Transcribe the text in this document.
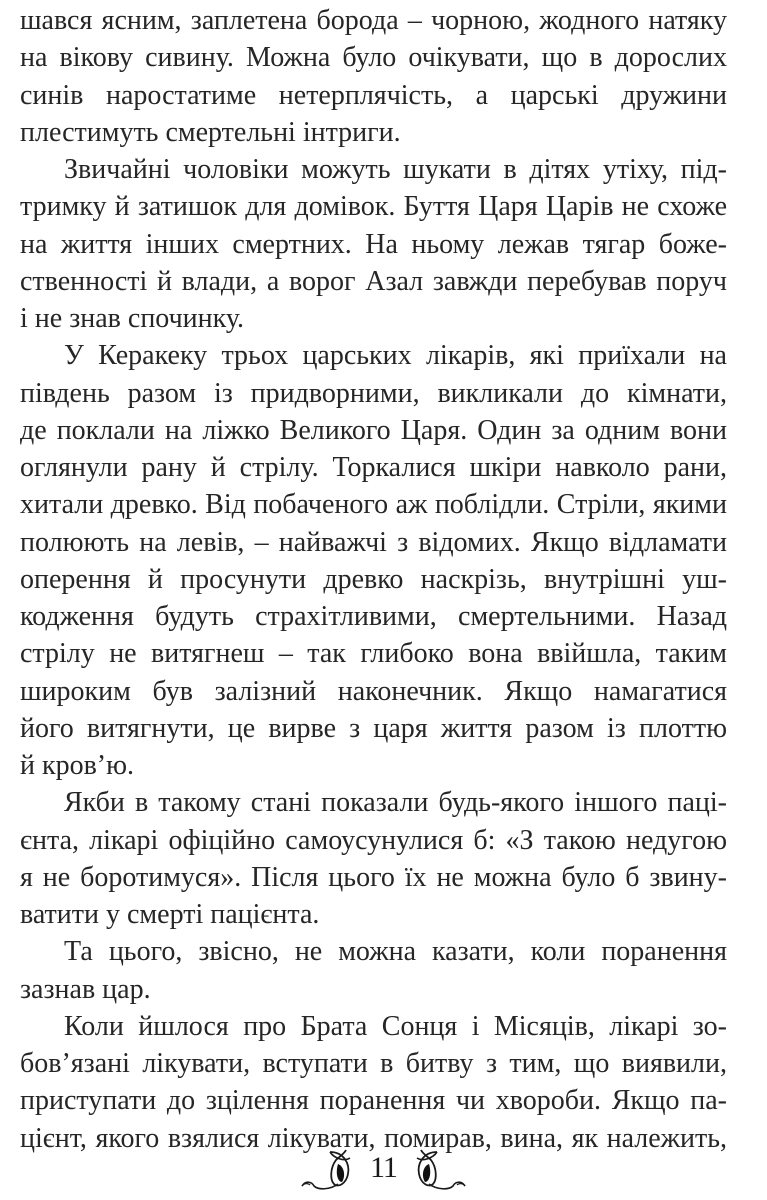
шався ясним, заплетена борода – чорною, жодного натяку
на вікову сивину. Можна було очікувати, що в дорослих
синів наростатиме нетерплячість, а царські дружини
плестимуть смертельні інтриги.
Звичайні чоловіки можуть шукати в дітях утіху, під-
тримку й затишок для домівок. Буття Царя Царів не схоже
на життя інших смертних. На ньому лежав тягар боже-
ственності й влади, а ворог Азал завжди перебував поруч
і не знав спочинку.
У Керакеку трьох царських лікарів, які приїхали на
південь разом із придворними, викликали до кімнати,
де поклали на ліжко Великого Царя. Один за одним вони
оглянули рану й стрілу. Торкалися шкіри навколо рани,
хитали древко. Від побаченого аж поблідли. Стріли, якими
полюють на левів, – найважчі з відомих. Якщо відламати
оперення й просунути древко наскрізь, внутрішні уш-
кодження будуть страхітливими, смертельними. Назад
стрілу не витягнеш – так глибоко вона ввійшла, таким
широким був залізний наконечник. Якщо намагатися
його витягнути, це вирве з царя життя разом із плоттю
й кров’ю.
Якби в такому стані показали будь-якого іншого паці-
єнта, лікарі офіційно самоусунулися б: «З такою недугою
я не боротимуся». Після цього їх не можна було б звину-
ватити у смерті пацієнта.
Та цього, звісно, не можна казати, коли поранення
зазнав цар.
Коли йшлося про Брата Сонця і Місяців, лікарі зо-
бов’язані лікувати, вступати в битву з тим, що виявили,
приступати до зцілення поранення чи хвороби. Якщо па-
цієнт, якого взялися лікувати, помирав, вина, як належить,
11
